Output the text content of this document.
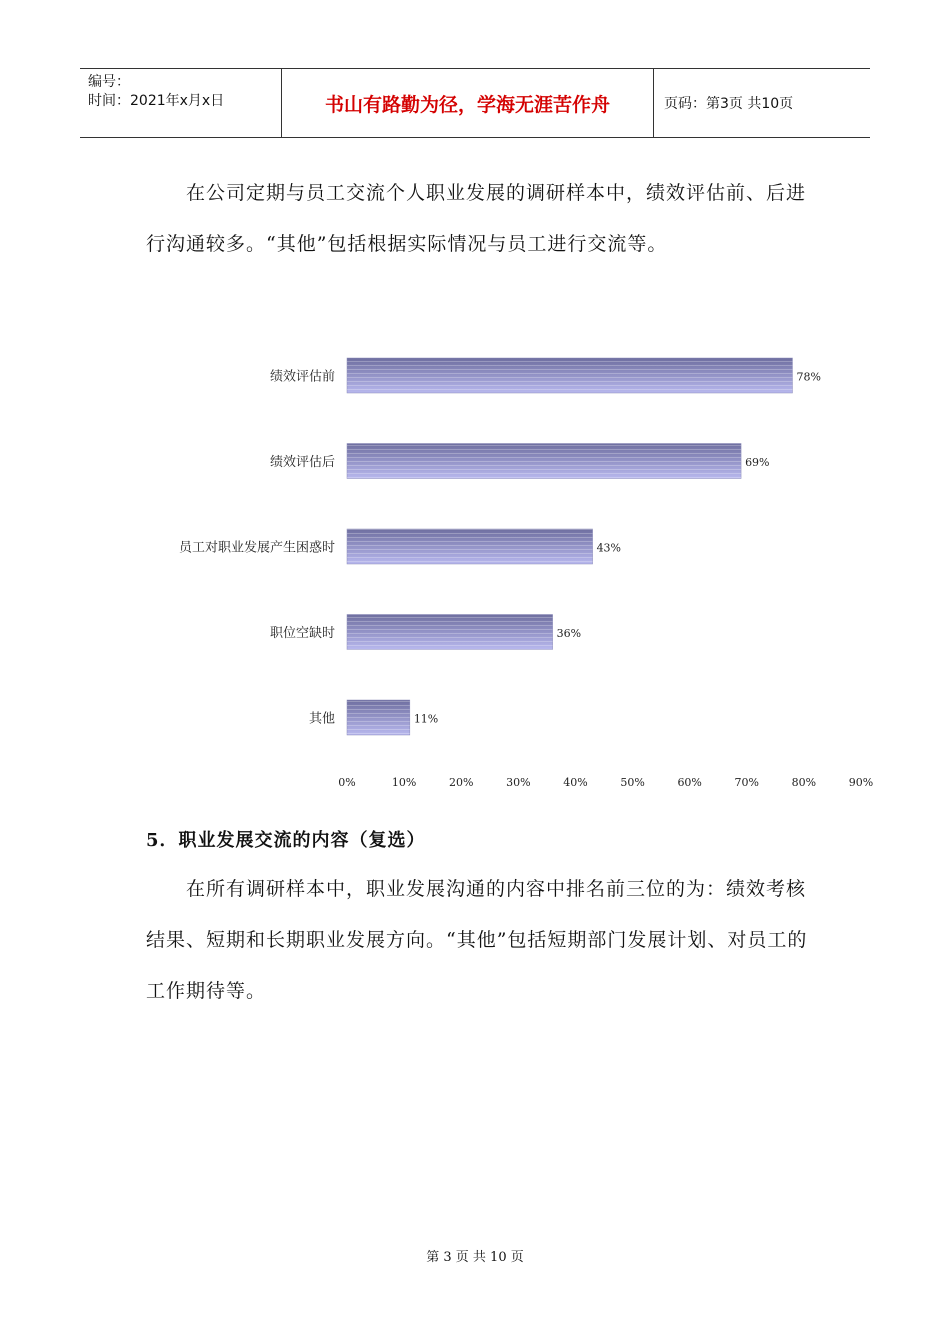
编号：
时间：2021年x月x日	书山有路勤为径，学海无涯苦作舟	页码：第3页 共10页

在公司定期与员工交流个人职业发展的调研样本中，绩效评估前、后进行沟通较多。“其他”包括根据实际情况与员工进行交流等。

绩效评估前	78%
绩效评估后	69%
员工对职业发展产生困惑时	43%
职位空缺时	36%
其他	11%
0%	10%	20%	30%	40%	50%	60%	70%	80%	90%
5．职业发展交流的内容（复选）

在所有调研样本中，职业发展沟通的内容中排名前三位的为：绩效考核结果、短期和长期职业发展方向。“其他”包括短期部门发展计划、对员工的工作期待等。

第 3 页 共 10 页
